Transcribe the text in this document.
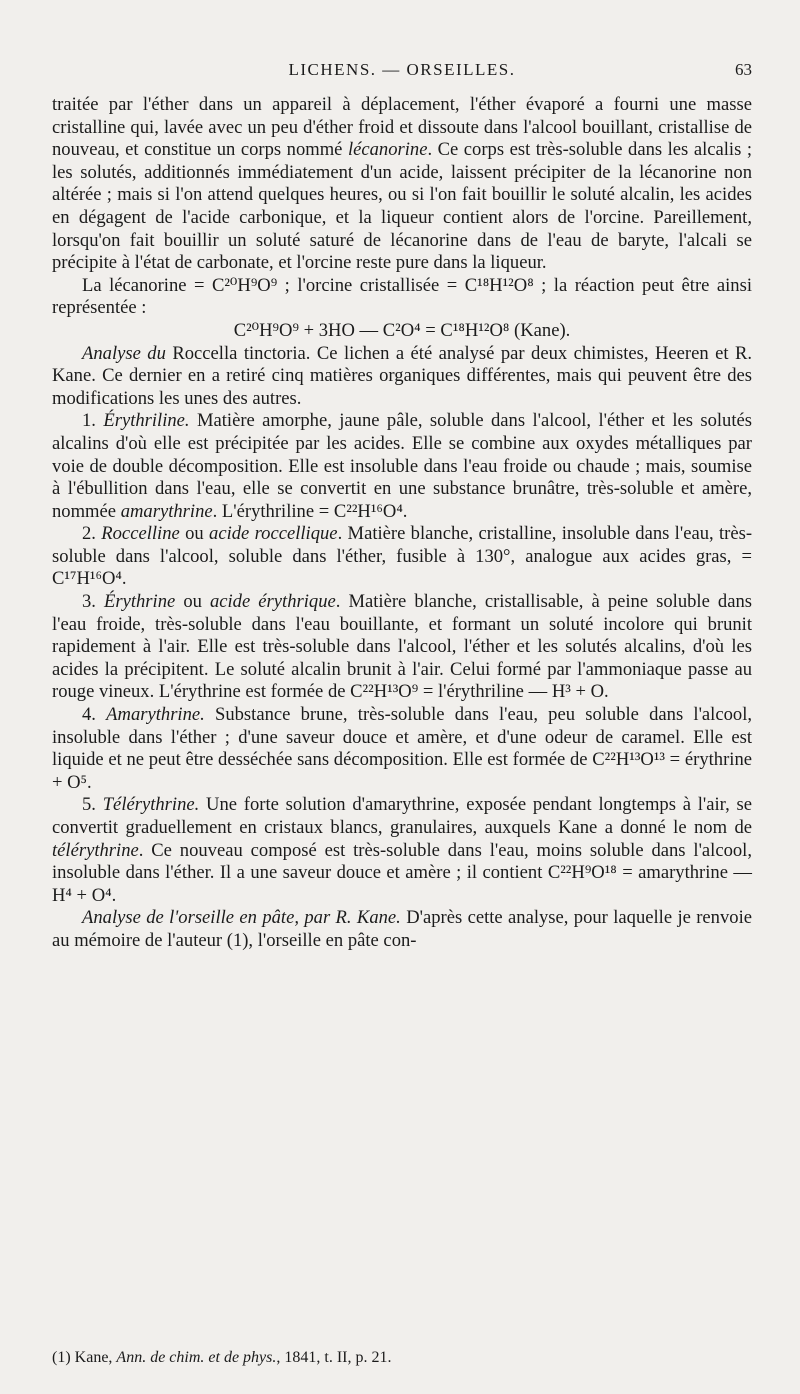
LICHENS. — ORSEILLES.	63

traitée par l'éther dans un appareil à déplacement, l'éther évaporé a fourni une masse cristalline qui, lavée avec un peu d'éther froid et dissoute dans l'alcool bouillant, cristallise de nouveau, et constitue un corps nommé lécanorine. Ce corps est très-soluble dans les alcalis ; les solutés, additionnés immédiatement d'un acide, laissent précipiter de la lécanorine non altérée ; mais si l'on attend quelques heures, ou si l'on fait bouillir le soluté alcalin, les acides en dégagent de l'acide carbonique, et la liqueur contient alors de l'orcine. Pareillement, lorsqu'on fait bouillir un soluté saturé de lécanorine dans de l'eau de baryte, l'alcali se précipite à l'état de carbonate, et l'orcine reste pure dans la liqueur.

La lécanorine = C²⁰H⁹O⁹ ; l'orcine cristallisée = C¹⁸H¹²O⁸ ; la réaction peut être ainsi représentée :

C²⁰H⁹O⁹ + 3HO — C²O⁴ = C¹⁸H¹²O⁸ (Kane).

Analyse du Roccella tinctoria. Ce lichen a été analysé par deux chimistes, Heeren et R. Kane. Ce dernier en a retiré cinq matières organiques différentes, mais qui peuvent être des modifications les unes des autres.

1. Érythriline. Matière amorphe, jaune pâle, soluble dans l'alcool, l'éther et les solutés alcalins d'où elle est précipitée par les acides. Elle se combine aux oxydes métalliques par voie de double décomposition. Elle est insoluble dans l'eau froide ou chaude ; mais, soumise à l'ébullition dans l'eau, elle se convertit en une substance brunâtre, très-soluble et amère, nommée amarythrine. L'érythriline = C²²H¹⁶O⁴.

2. Roccelline ou acide roccellique. Matière blanche, cristalline, insoluble dans l'eau, très-soluble dans l'alcool, soluble dans l'éther, fusible à 130°, analogue aux acides gras, = C¹⁷H¹⁶O⁴.

3. Érythrine ou acide érythrique. Matière blanche, cristallisable, à peine soluble dans l'eau froide, très-soluble dans l'eau bouillante, et formant un soluté incolore qui brunit rapidement à l'air. Elle est très-soluble dans l'alcool, l'éther et les solutés alcalins, d'où les acides la précipitent. Le soluté alcalin brunit à l'air. Celui formé par l'ammoniaque passe au rouge vineux. L'érythrine est formée de C²²H¹³O⁹ = l'érythriline — H³ + O.

4. Amarythrine. Substance brune, très-soluble dans l'eau, peu soluble dans l'alcool, insoluble dans l'éther ; d'une saveur douce et amère, et d'une odeur de caramel. Elle est liquide et ne peut être desséchée sans décomposition. Elle est formée de C²²H¹³O¹³ = érythrine + O⁵.

5. Télérythrine. Une forte solution d'amarythrine, exposée pendant longtemps à l'air, se convertit graduellement en cristaux blancs, granulaires, auxquels Kane a donné le nom de télérythrine. Ce nouveau composé est très-soluble dans l'eau, moins soluble dans l'alcool, insoluble dans l'éther. Il a une saveur douce et amère ; il contient C²²H⁹O¹⁸ = amarythrine — H⁴ + O⁴.

Analyse de l'orseille en pâte, par R. Kane. D'après cette analyse, pour laquelle je renvoie au mémoire de l'auteur (1), l'orseille en pâte con-

(1) Kane, Ann. de chim. et de phys., 1841, t. II, p. 21.
